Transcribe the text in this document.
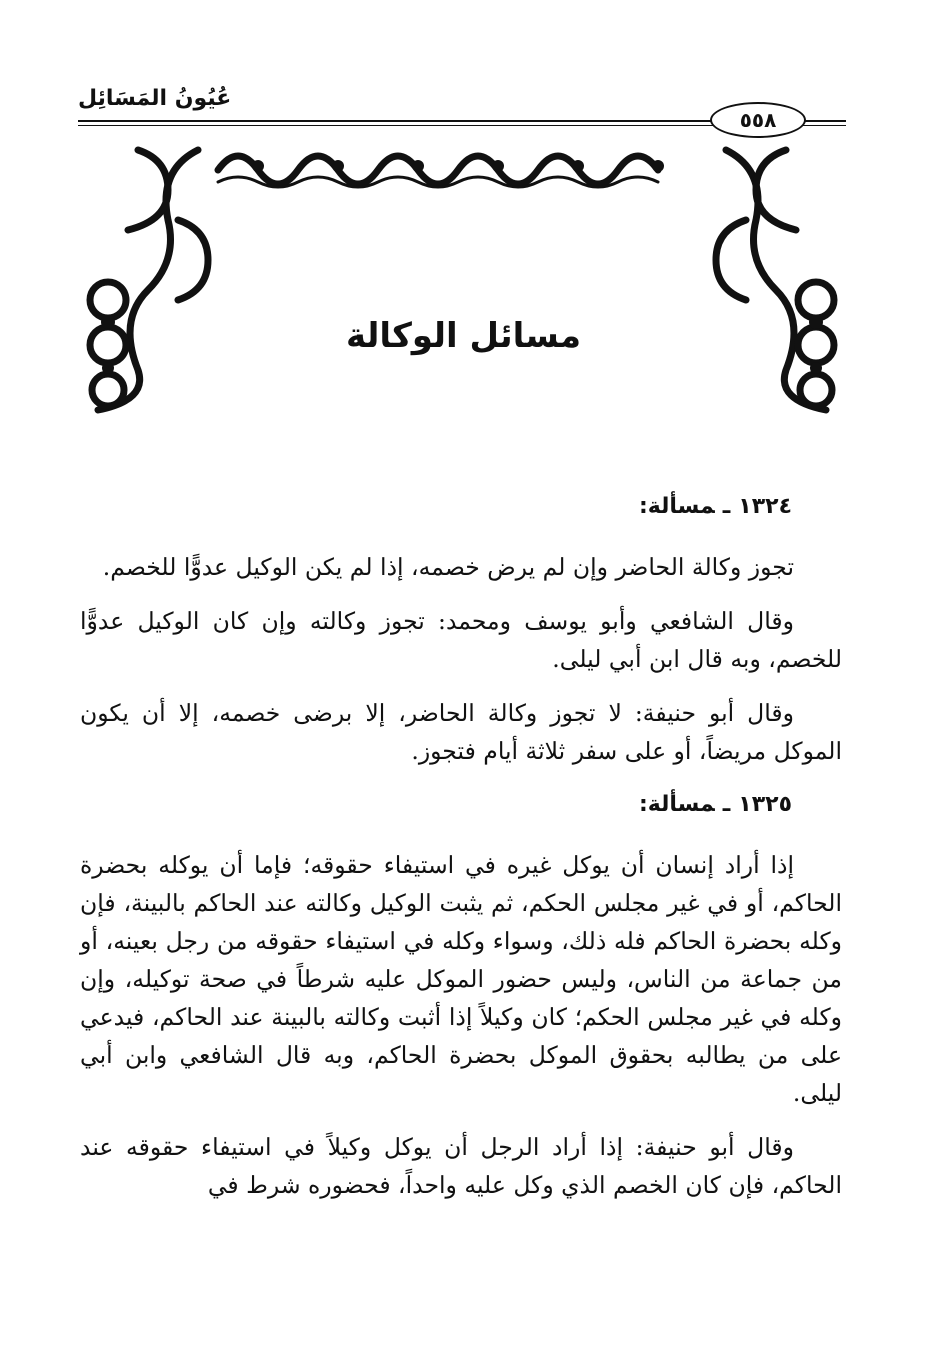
عُيُونُ المَسَائِل
٥٥٨
مسائل الوكالة
١٣٢٤ـمسألة:

تجوز وكالة الحاضر وإن لم يرض خصمه، إذا لم يكن الوكيل عدوًّا للخصم.

وقال الشافعي وأبو يوسف ومحمد: تجوز وكالته وإن كان الوكيل عدوًّا للخصم، وبه قال ابن أبي ليلى.

وقال أبو حنيفة: لا تجوز وكالة الحاضر، إلا برضى خصمه، إلا أن يكون الموكل مريضاً، أو على سفر ثلاثة أيام فتجوز.

١٣٢٥ـمسألة:

إذا أراد إنسان أن يوكل غيره في استيفاء حقوقه؛ فإما أن يوكله بحضرة الحاكم، أو في غير مجلس الحكم، ثم يثبت الوكيل وكالته عند الحاكم بالبينة، فإن وكله بحضرة الحاكم فله ذلك، وسواء وكله في استيفاء حقوقه من رجل بعينه، أو من جماعة من الناس، وليس حضور الموكل عليه شرطاً في صحة توكيله، وإن وكله في غير مجلس الحكم؛ كان وكيلاً إذا أثبت وكالته بالبينة عند الحاكم، فيدعي على من يطالبه بحقوق الموكل بحضرة الحاكم، وبه قال الشافعي وابن أبي ليلى.

وقال أبو حنيفة: إذا أراد الرجل أن يوكل وكيلاً في استيفاء حقوقه عند الحاكم، فإن كان الخصم الذي وكل عليه واحداً، فحضوره شرط في
